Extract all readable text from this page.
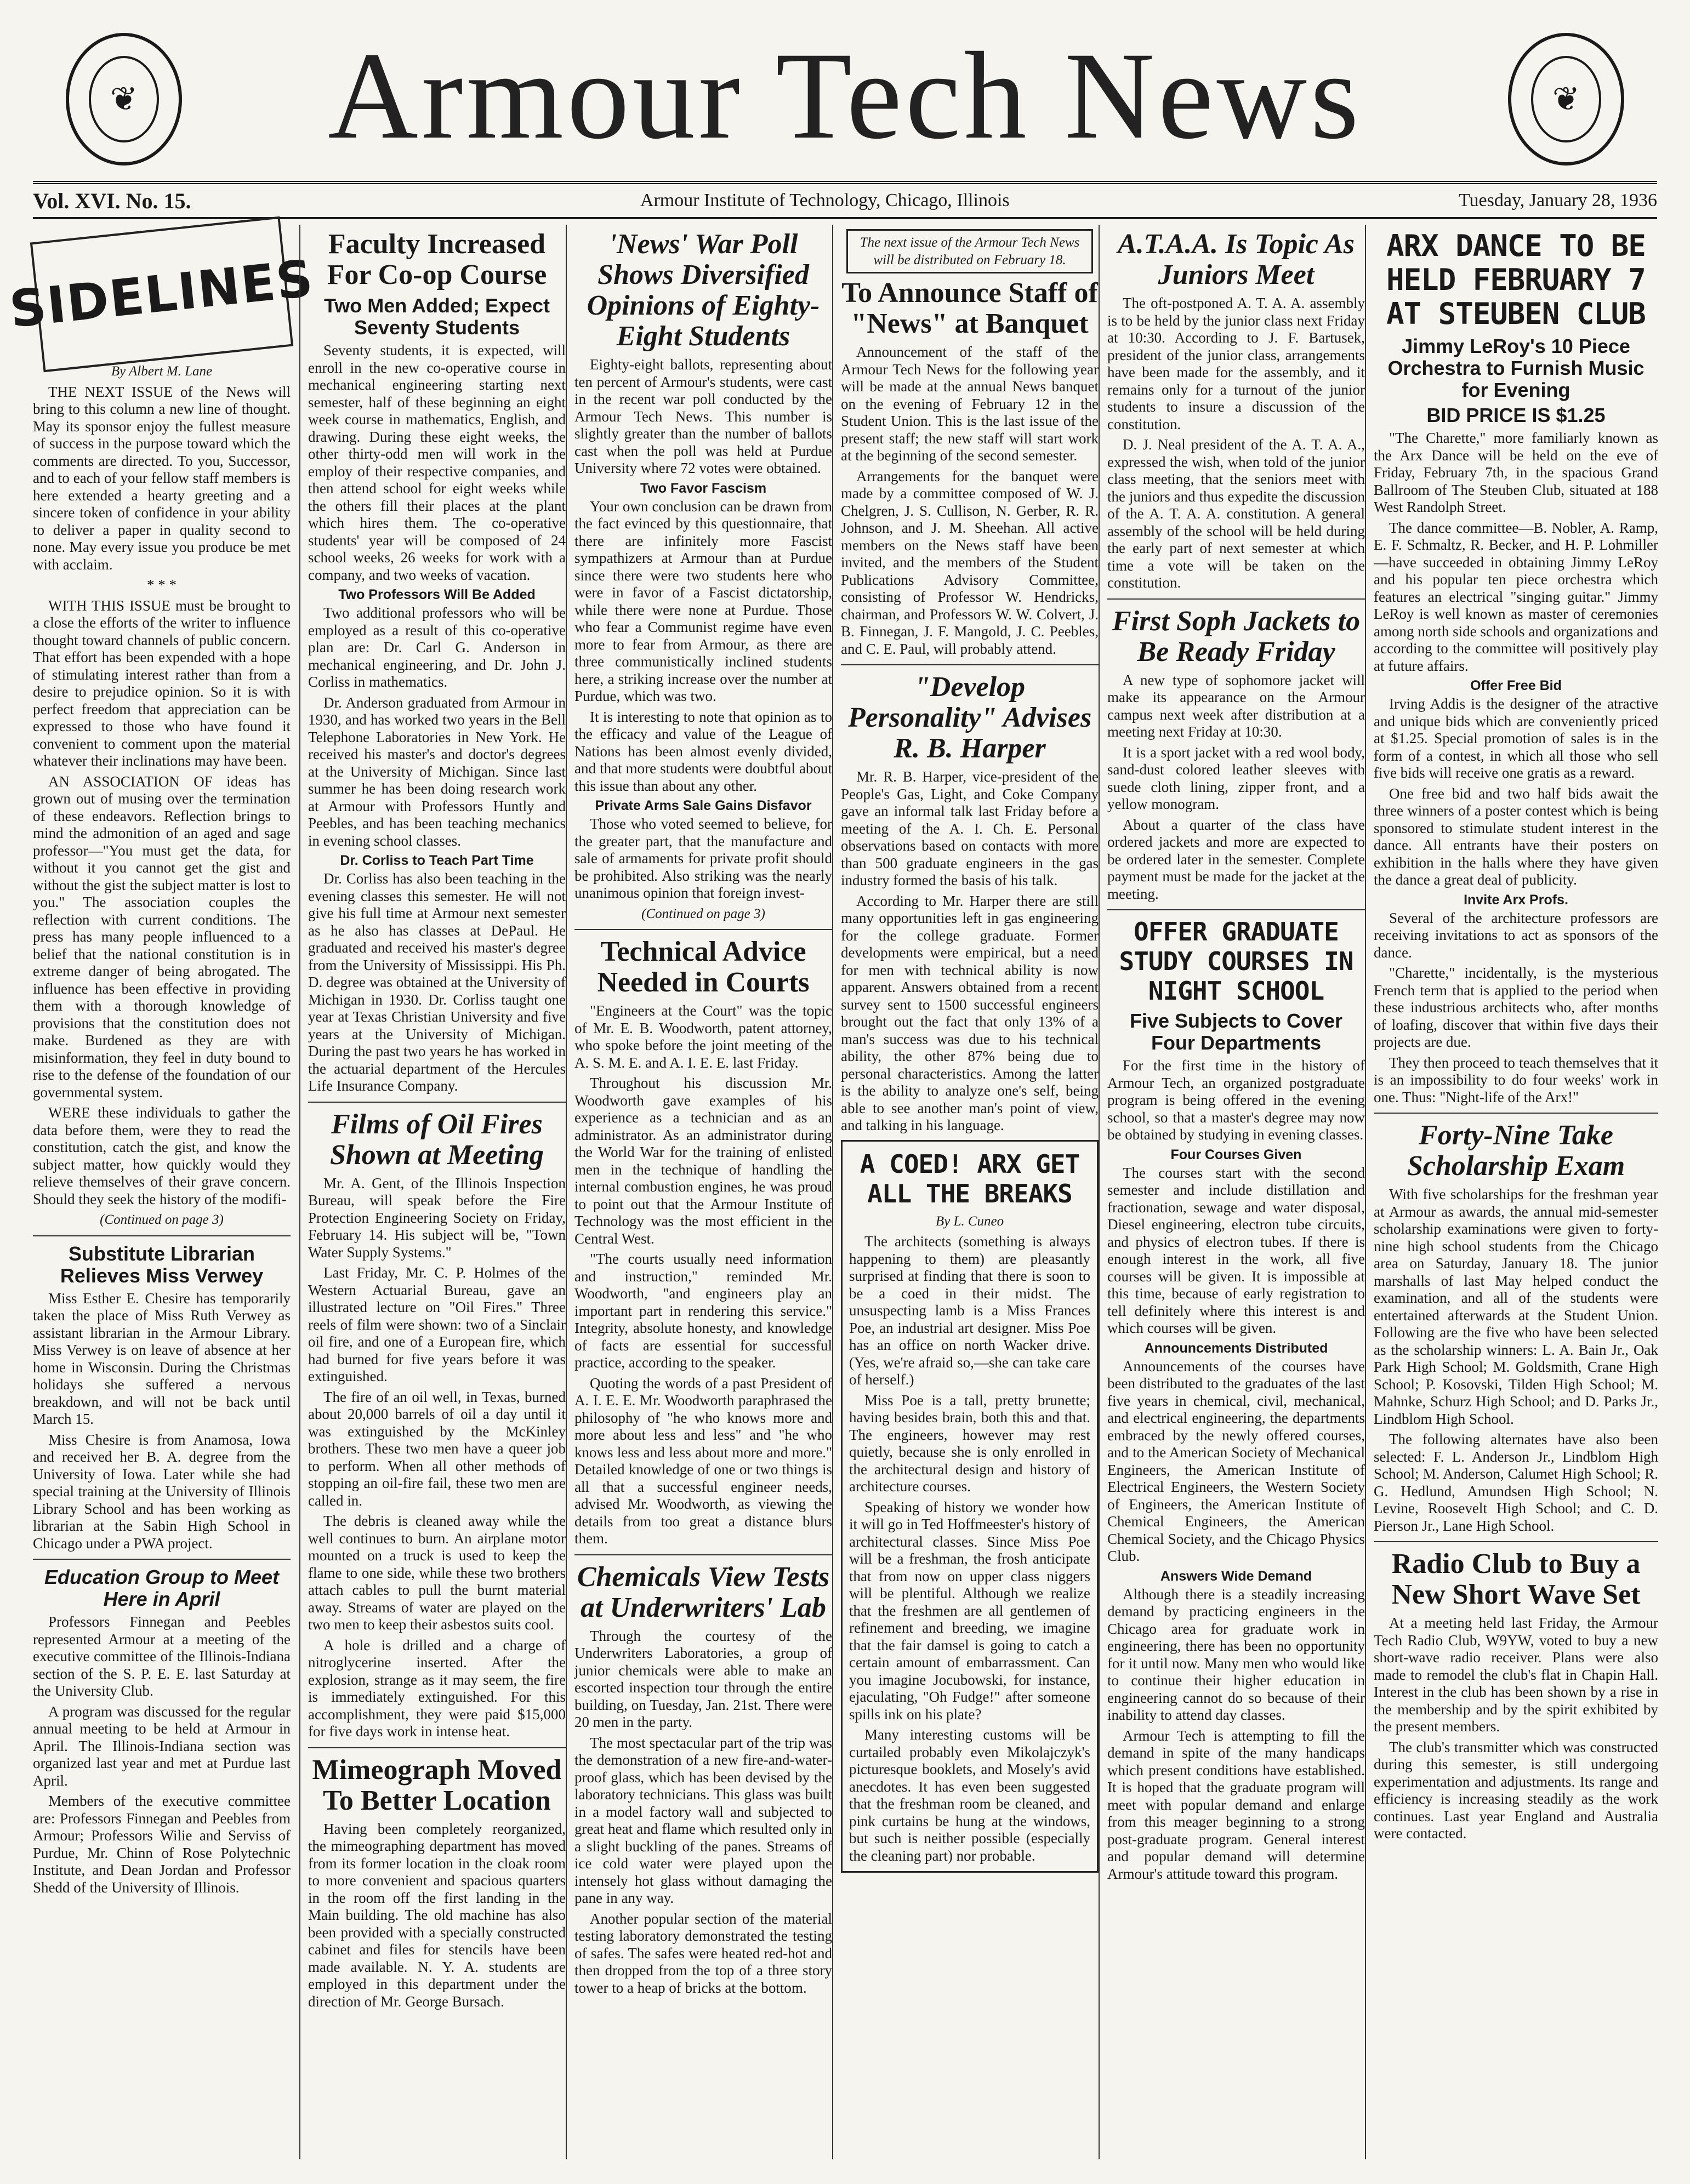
❦	Armour Tech News	❦
Vol. XVI. No. 15.	Armour Institute of Technology, Chicago, Illinois	Tuesday, January 28, 1936
SIDELINES
By Albert M. Lane

THE NEXT ISSUE of the News will bring to this column a new line of thought. May its sponsor enjoy the fullest measure of success in the purpose toward which the comments are directed. To you, Successor, and to each of your fellow staff members is here extended a hearty greeting and a sincere token of confidence in your ability to deliver a paper in quality second to none. May every issue you produce be met with acclaim.

* * *

WITH THIS ISSUE must be brought to a close the efforts of the writer to influence thought toward channels of public concern. That effort has been expended with a hope of stimulating interest rather than from a desire to prejudice opinion. So it is with perfect freedom that appreciation can be expressed to those who have found it convenient to comment upon the material whatever their inclinations may have been.

AN ASSOCIATION OF ideas has grown out of musing over the termination of these endeavors. Reflection brings to mind the admonition of an aged and sage professor—"You must get the data, for without it you cannot get the gist and without the gist the subject matter is lost to you." The association couples the reflection with current conditions. The press has many people influenced to a belief that the national constitution is in extreme danger of being abrogated. The influence has been effective in providing them with a thorough knowledge of provisions that the constitution does not make. Burdened as they are with misinformation, they feel in duty bound to rise to the defense of the foundation of our governmental system.

WERE these individuals to gather the data before them, were they to read the constitution, catch the gist, and know the subject matter, how quickly would they relieve themselves of their grave concern. Should they seek the history of the modifi-

(Continued on page 3)
Substitute Librarian Relieves Miss Verwey

Miss Esther E. Chesire has temporarily taken the place of Miss Ruth Verwey as assistant librarian in the Armour Library. Miss Verwey is on leave of absence at her home in Wisconsin. During the Christmas holidays she suffered a nervous breakdown, and will not be back until March 15.

Miss Chesire is from Anamosa, Iowa and received her B. A. degree from the University of Iowa. Later while she had special training at the University of Illinois Library School and has been working as librarian at the Sabin High School in Chicago under a PWA project.

Education Group to Meet Here in April

Professors Finnegan and Peebles represented Armour at a meeting of the executive committee of the Illinois-Indiana section of the S. P. E. E. last Saturday at the University Club.

A program was discussed for the regular annual meeting to be held at Armour in April. The Illinois-Indiana section was organized last year and met at Purdue last April.

Members of the executive committee are: Professors Finnegan and Peebles from Armour; Professors Wilie and Serviss of Purdue, Mr. Chinn of Rose Polytechnic Institute, and Dean Jordan and Professor Shedd of the University of Illinois.

Faculty Increased For Co-op Course
Two Men Added; Expect Seventy Students

Seventy students, it is expected, will enroll in the new co-operative course in mechanical engineering starting next semester, half of these beginning an eight week course in mathematics, English, and drawing. During these eight weeks, the other thirty-odd men will work in the employ of their respective companies, and then attend school for eight weeks while the others fill their places at the plant which hires them. The co-operative students' year will be composed of 24 school weeks, 26 weeks for work with a company, and two weeks of vacation.

Two Professors Will Be Added

Two additional professors who will be employed as a result of this co-operative plan are: Dr. Carl G. Anderson in mechanical engineering, and Dr. John J. Corliss in mathematics.

Dr. Anderson graduated from Armour in 1930, and has worked two years in the Bell Telephone Laboratories in New York. He received his master's and doctor's degrees at the University of Michigan. Since last summer he has been doing research work at Armour with Professors Huntly and Peebles, and has been teaching mechanics in evening school classes.

Dr. Corliss to Teach Part Time

Dr. Corliss has also been teaching in the evening classes this semester. He will not give his full time at Armour next semester as he also has classes at DePaul. He graduated and received his master's degree from the University of Mississippi. His Ph. D. degree was obtained at the University of Michigan in 1930. Dr. Corliss taught one year at Texas Christian University and five years at the University of Michigan. During the past two years he has worked in the actuarial department of the Hercules Life Insurance Company.

Films of Oil Fires Shown at Meeting

Mr. A. Gent, of the Illinois Inspection Bureau, will speak before the Fire Protection Engineering Society on Friday, February 14. His subject will be, "Town Water Supply Systems."

Last Friday, Mr. C. P. Holmes of the Western Actuarial Bureau, gave an illustrated lecture on "Oil Fires." Three reels of film were shown: two of a Sinclair oil fire, and one of a European fire, which had burned for five years before it was extinguished.

The fire of an oil well, in Texas, burned about 20,000 barrels of oil a day until it was extinguished by the McKinley brothers. These two men have a queer job to perform. When all other methods of stopping an oil-fire fail, these two men are called in.

The debris is cleaned away while the well continues to burn. An airplane motor mounted on a truck is used to keep the flame to one side, while these two brothers attach cables to pull the burnt material away. Streams of water are played on the two men to keep their asbestos suits cool.

A hole is drilled and a charge of nitroglycerine inserted. After the explosion, strange as it may seem, the fire is immediately extinguished. For this accomplishment, they were paid $15,000 for five days work in intense heat.

Mimeograph Moved To Better Location

Having been completely reorganized, the mimeographing department has moved from its former location in the cloak room to more convenient and spacious quarters in the room off the first landing in the Main building. The old machine has also been provided with a specially constructed cabinet and files for stencils have been made available. N. Y. A. students are employed in this department under the direction of Mr. George Bursach.

'News' War Poll Shows Diversified Opinions of Eighty-Eight Students

Eighty-eight ballots, representing about ten percent of Armour's students, were cast in the recent war poll conducted by the Armour Tech News. This number is slightly greater than the number of ballots cast when the poll was held at Purdue University where 72 votes were obtained.

Two Favor Fascism

Your own conclusion can be drawn from the fact evinced by this questionnaire, that there are infinitely more Fascist sympathizers at Armour than at Purdue since there were two students here who were in favor of a Fascist dictatorship, while there were none at Purdue. Those who fear a Communist regime have even more to fear from Armour, as there are three communistically inclined students here, a striking increase over the number at Purdue, which was two.

It is interesting to note that opinion as to the efficacy and value of the League of Nations has been almost evenly divided, and that more students were doubtful about this issue than about any other.

Private Arms Sale Gains Disfavor

Those who voted seemed to believe, for the greater part, that the manufacture and sale of armaments for private profit should be prohibited. Also striking was the nearly unanimous opinion that foreign invest-

(Continued on page 3)
Technical Advice Needed in Courts

"Engineers at the Court" was the topic of Mr. E. B. Woodworth, patent attorney, who spoke before the joint meeting of the A. S. M. E. and A. I. E. E. last Friday.

Throughout his discussion Mr. Woodworth gave examples of his experience as a technician and as an administrator. As an administrator during the World War for the training of enlisted men in the technique of handling the internal combustion engines, he was proud to point out that the Armour Institute of Technology was the most efficient in the Central West.

"The courts usually need information and instruction," reminded Mr. Woodworth, "and engineers play an important part in rendering this service." Integrity, absolute honesty, and knowledge of facts are essential for successful practice, according to the speaker.

Quoting the words of a past President of A. I. E. E. Mr. Woodworth paraphrased the philosophy of "he who knows more and more about less and less" and "he who knows less and less about more and more." Detailed knowledge of one or two things is all that a successful engineer needs, advised Mr. Woodworth, as viewing the details from too great a distance blurs them.

Chemicals View Tests at Underwriters' Lab

Through the courtesy of the Underwriters Laboratories, a group of junior chemicals were able to make an escorted inspection tour through the entire building, on Tuesday, Jan. 21st. There were 20 men in the party.

The most spectacular part of the trip was the demonstration of a new fire-and-water-proof glass, which has been devised by the laboratory technicians. This glass was built in a model factory wall and subjected to great heat and flame which resulted only in a slight buckling of the panes. Streams of ice cold water were played upon the intensely hot glass without damaging the pane in any way.

Another popular section of the material testing laboratory demonstrated the testing of safes. The safes were heated red-hot and then dropped from the top of a three story tower to a heap of bricks at the bottom.

The next issue of the Armour Tech News will be distributed on February 18.
To Announce Staff of "News" at Banquet

Announcement of the staff of the Armour Tech News for the following year will be made at the annual News banquet on the evening of February 12 in the Student Union. This is the last issue of the present staff; the new staff will start work at the beginning of the second semester.

Arrangements for the banquet were made by a committee composed of W. J. Chelgren, J. S. Cullison, N. Gerber, R. R. Johnson, and J. M. Sheehan. All active members on the News staff have been invited, and the members of the Student Publications Advisory Committee, consisting of Professor W. Hendricks, chairman, and Professors W. W. Colvert, J. B. Finnegan, J. F. Mangold, J. C. Peebles, and C. E. Paul, will probably attend.

"Develop Personality" Advises R. B. Harper

Mr. R. B. Harper, vice-president of the People's Gas, Light, and Coke Company gave an informal talk last Friday before a meeting of the A. I. Ch. E. Personal observations based on contacts with more than 500 graduate engineers in the gas industry formed the basis of his talk.

According to Mr. Harper there are still many opportunities left in gas engineering for the college graduate. Former developments were empirical, but a need for men with technical ability is now apparent. Answers obtained from a recent survey sent to 1500 successful engineers brought out the fact that only 13% of a man's success was due to his technical ability, the other 87% being due to personal characteristics. Among the latter is the ability to analyze one's self, being able to see another man's point of view, and talking in his language.

A COED! ARX GET ALL THE BREAKS
By L. Cuneo

The architects (something is always happening to them) are pleasantly surprised at finding that there is soon to be a coed in their midst. The unsuspecting lamb is a Miss Frances Poe, an industrial art designer. Miss Poe has an office on north Wacker drive. (Yes, we're afraid so,—she can take care of herself.)

Miss Poe is a tall, pretty brunette; having besides brain, both this and that. The engineers, however may rest quietly, because she is only enrolled in the architectural design and history of architecture courses.

Speaking of history we wonder how it will go in Ted Hoffmeester's history of architectural classes. Since Miss Poe will be a freshman, the frosh anticipate that from now on upper class niggers will be plentiful. Although we realize that the freshmen are all gentlemen of refinement and breeding, we imagine that the fair damsel is going to catch a certain amount of embarrassment. Can you imagine Jocubowski, for instance, ejaculating, "Oh Fudge!" after someone spills ink on his plate?

Many interesting customs will be curtailed probably even Mikolajczyk's picturesque booklets, and Mosely's avid anecdotes. It has even been suggested that the freshman room be cleaned, and pink curtains be hung at the windows, but such is neither possible (especially the cleaning part) nor probable.

A.T.A.A. Is Topic As Juniors Meet

The oft-postponed A. T. A. A. assembly is to be held by the junior class next Friday at 10:30. According to J. F. Bartusek, president of the junior class, arrangements have been made for the assembly, and it remains only for a turnout of the junior students to insure a discussion of the constitution.

D. J. Neal president of the A. T. A. A., expressed the wish, when told of the junior class meeting, that the seniors meet with the juniors and thus expedite the discussion of the A. T. A. A. constitution. A general assembly of the school will be held during the early part of next semester at which time a vote will be taken on the constitution.

First Soph Jackets to Be Ready Friday

A new type of sophomore jacket will make its appearance on the Armour campus next week after distribution at a meeting next Friday at 10:30.

It is a sport jacket with a red wool body, sand-dust colored leather sleeves with suede cloth lining, zipper front, and a yellow monogram.

About a quarter of the class have ordered jackets and more are expected to be ordered later in the semester. Complete payment must be made for the jacket at the meeting.

OFFER GRADUATE STUDY COURSES IN NIGHT SCHOOL
Five Subjects to Cover Four Departments

For the first time in the history of Armour Tech, an organized postgraduate program is being offered in the evening school, so that a master's degree may now be obtained by studying in evening classes.

Four Courses Given

The courses start with the second semester and include distillation and fractionation, sewage and water disposal, Diesel engineering, electron tube circuits, and physics of electron tubes. If there is enough interest in the work, all five courses will be given. It is impossible at this time, because of early registration to tell definitely where this interest is and which courses will be given.

Announcements Distributed

Announcements of the courses have been distributed to the graduates of the last five years in chemical, civil, mechanical, and electrical engineering, the departments embraced by the newly offered courses, and to the American Society of Mechanical Engineers, the American Institute of Electrical Engineers, the Western Society of Engineers, the American Institute of Chemical Engineers, the American Chemical Society, and the Chicago Physics Club.

Answers Wide Demand

Although there is a steadily increasing demand by practicing engineers in the Chicago area for graduate work in engineering, there has been no opportunity for it until now. Many men who would like to continue their higher education in engineering cannot do so because of their inability to attend day classes.

Armour Tech is attempting to fill the demand in spite of the many handicaps which present conditions have established. It is hoped that the graduate program will meet with popular demand and enlarge from this meager beginning to a strong post-graduate program. General interest and popular demand will determine Armour's attitude toward this program.

ARX DANCE TO BE HELD FEBRUARY 7 AT STEUBEN CLUB
Jimmy LeRoy's 10 Piece Orchestra to Furnish Music for Evening
BID PRICE IS $1.25

"The Charette," more familiarly known as the Arx Dance will be held on the eve of Friday, February 7th, in the spacious Grand Ballroom of The Steuben Club, situated at 188 West Randolph Street.

The dance committee—B. Nobler, A. Ramp, E. F. Schmaltz, R. Becker, and H. P. Lohmiller—have succeeded in obtaining Jimmy LeRoy and his popular ten piece orchestra which features an electrical "singing guitar." Jimmy LeRoy is well known as master of ceremonies among north side schools and organizations and according to the committee will positively play at future affairs.

Offer Free Bid

Irving Addis is the designer of the atractive and unique bids which are conveniently priced at $1.25. Special promotion of sales is in the form of a contest, in which all those who sell five bids will receive one gratis as a reward.

One free bid and two half bids await the three winners of a poster contest which is being sponsored to stimulate student interest in the dance. All entrants have their posters on exhibition in the halls where they have given the dance a great deal of publicity.

Invite Arx Profs.

Several of the architecture professors are receiving invitations to act as sponsors of the dance.

"Charette," incidentally, is the mysterious French term that is applied to the period when these industrious architects who, after months of loafing, discover that within five days their projects are due.

They then proceed to teach themselves that it is an impossibility to do four weeks' work in one. Thus: "Night-life of the Arx!"

Forty-Nine Take Scholarship Exam

With five scholarships for the freshman year at Armour as awards, the annual mid-semester scholarship examinations were given to forty-nine high school students from the Chicago area on Saturday, January 18. The junior marshalls of last May helped conduct the examination, and all of the students were entertained afterwards at the Student Union. Following are the five who have been selected as the scholarship winners: L. A. Bain Jr., Oak Park High School; M. Goldsmith, Crane High School; P. Kosovski, Tilden High School; M. Mahnke, Schurz High School; and D. Parks Jr., Lindblom High School.

The following alternates have also been selected: F. L. Anderson Jr., Lindblom High School; M. Anderson, Calumet High School; R. G. Hedlund, Amundsen High School; N. Levine, Roosevelt High School; and C. D. Pierson Jr., Lane High School.

Radio Club to Buy a New Short Wave Set

At a meeting held last Friday, the Armour Tech Radio Club, W9YW, voted to buy a new short-wave radio receiver. Plans were also made to remodel the club's flat in Chapin Hall. Interest in the club has been shown by a rise in the membership and by the spirit exhibited by the present members.

The club's transmitter which was constructed during this semester, is still undergoing experimentation and adjustments. Its range and efficiency is increasing steadily as the work continues. Last year England and Australia were contacted.
